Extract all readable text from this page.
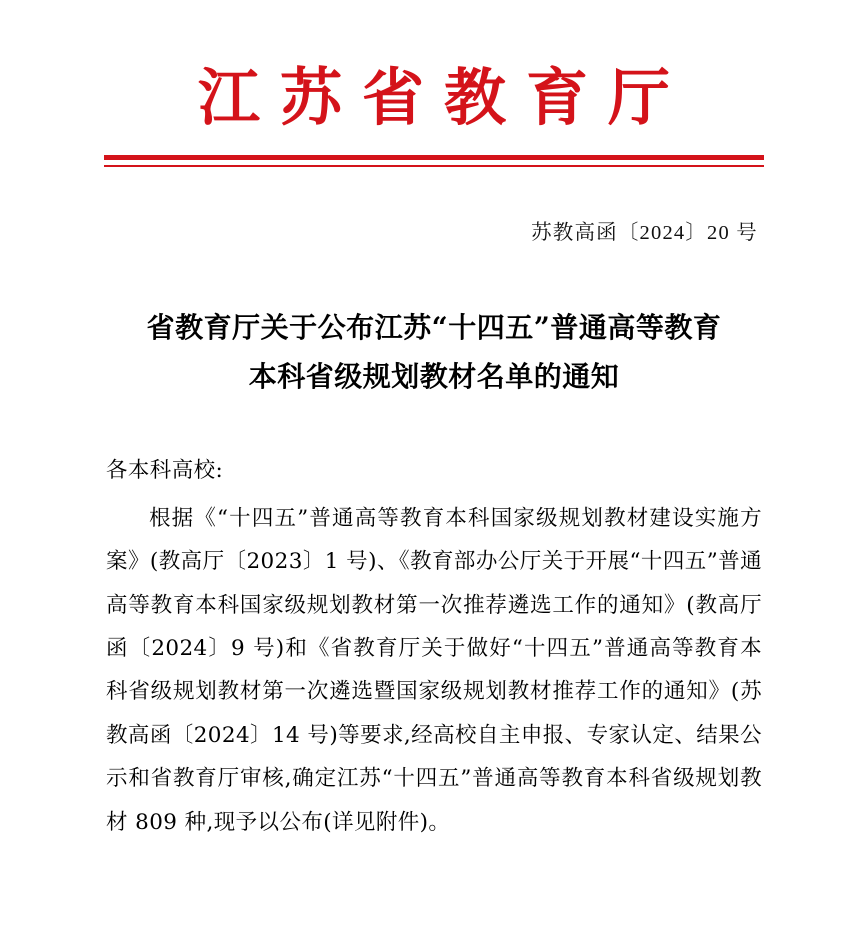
江苏省教育厅
苏教高函〔2024〕20 号
省教育厅关于公布江苏“十四五”普通高等教育
本科省级规划教材名单的通知

各本科高校:

根据《“十四五”普通高等教育本科国家级规划教材建设实施方案》(教高厅〔2023〕1 号)、《教育部办公厅关于开展“十四五”普通高等教育本科国家级规划教材第一次推荐遴选工作的通知》(教高厅函〔2024〕9 号)和《省教育厅关于做好“十四五”普通高等教育本科省级规划教材第一次遴选暨国家级规划教材推荐工作的通知》(苏教高函〔2024〕14 号)等要求,经高校自主申报、专家认定、结果公示和省教育厅审核,确定江苏“十四五”普通高等教育本科省级规划教材 809 种,现予以公布(详见附件)。
